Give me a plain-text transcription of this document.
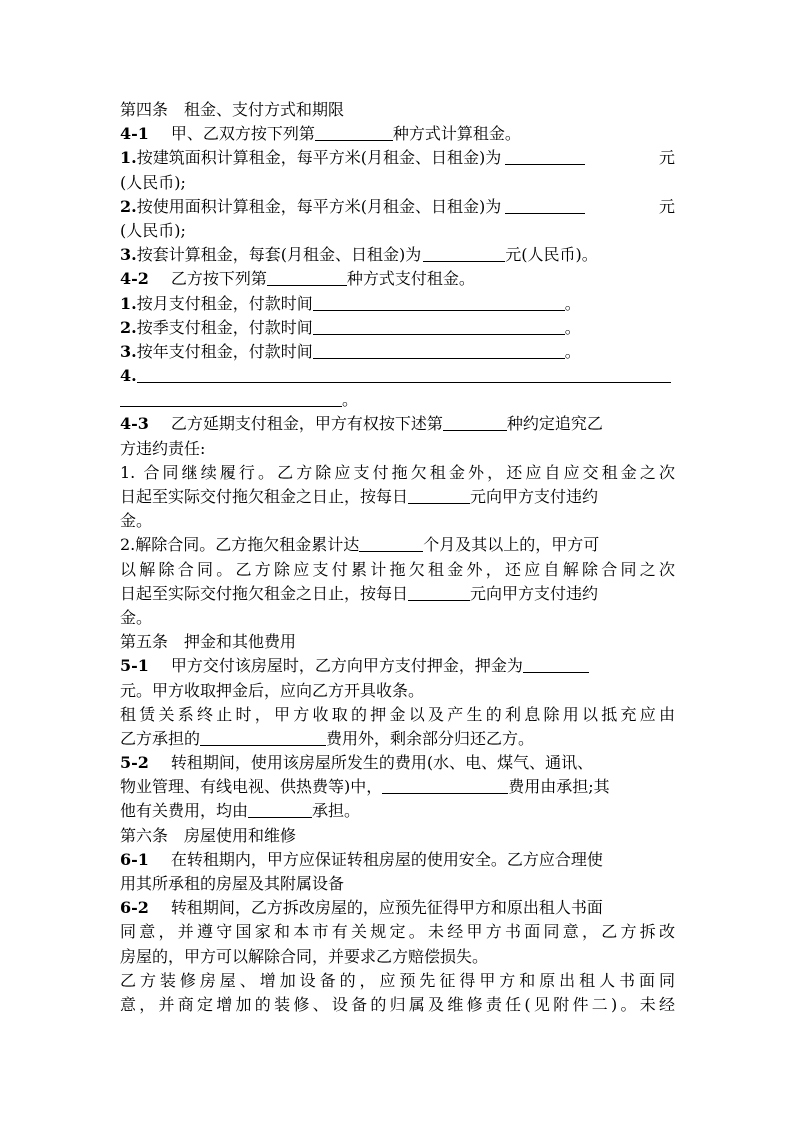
第四条　租金、支付方式和期限
4-1 甲、乙双方按下列第	种方式计算租金。
1.按建筑面积计算租金，每平方米(月租金、日租金)为	元
(人民币);
2.按使用面积计算租金，每平方米(月租金、日租金)为	元
(人民币);
3.按套计算租金，每套(月租金、日租金)为	元(人民币)。
4-2 乙方按下列第	种方式支付租金。
1.按月支付租金，付款时间	。
2.按季支付租金，付款时间	。
3.按年支付租金，付款时间	。
4.
。
4-3 乙方延期支付租金，甲方有权按下述第	种约定追究乙
方违约责任:
1. 合同继续履行。乙方除应支付拖欠租金外，还应自应交租金之次
日起至实际交付拖欠租金之日止，按每日	元向甲方支付违约
金。
2.解除合同。乙方拖欠租金累计达	个月及其以上的，甲方可
以解除合同。乙方除应支付累计拖欠租金外，还应自解除合同之次
日起至实际交付拖欠租金之日止，按每日	元向甲方支付违约
金。
第五条　押金和其他费用
5-1 甲方交付该房屋时，乙方向甲方支付押金，押金为
元。甲方收取押金后，应向乙方开具收条。
租赁关系终止时，甲方收取的押金以及产生的利息除用以抵充应由
乙方承担的	费用外，剩余部分归还乙方。
5-2 转租期间，使用该房屋所发生的费用(水、电、煤气、通讯、
物业管理、有线电视、供热费等)中，	费用由承担;其
他有关费用，均由	承担。
第六条　房屋使用和维修
6-1 在转租期内，甲方应保证转租房屋的使用安全。乙方应合理使
用其所承租的房屋及其附属设备
6-2 转租期间，乙方拆改房屋的，应预先征得甲方和原出租人书面
同意，并遵守国家和本市有关规定。未经甲方书面同意，乙方拆改
房屋的，甲方可以解除合同，并要求乙方赔偿损失。
乙方装修房屋、增加设备的，应预先征得甲方和原出租人书面同
意，并商定增加的装修、设备的归属及维修责任(见附件二)。未经
